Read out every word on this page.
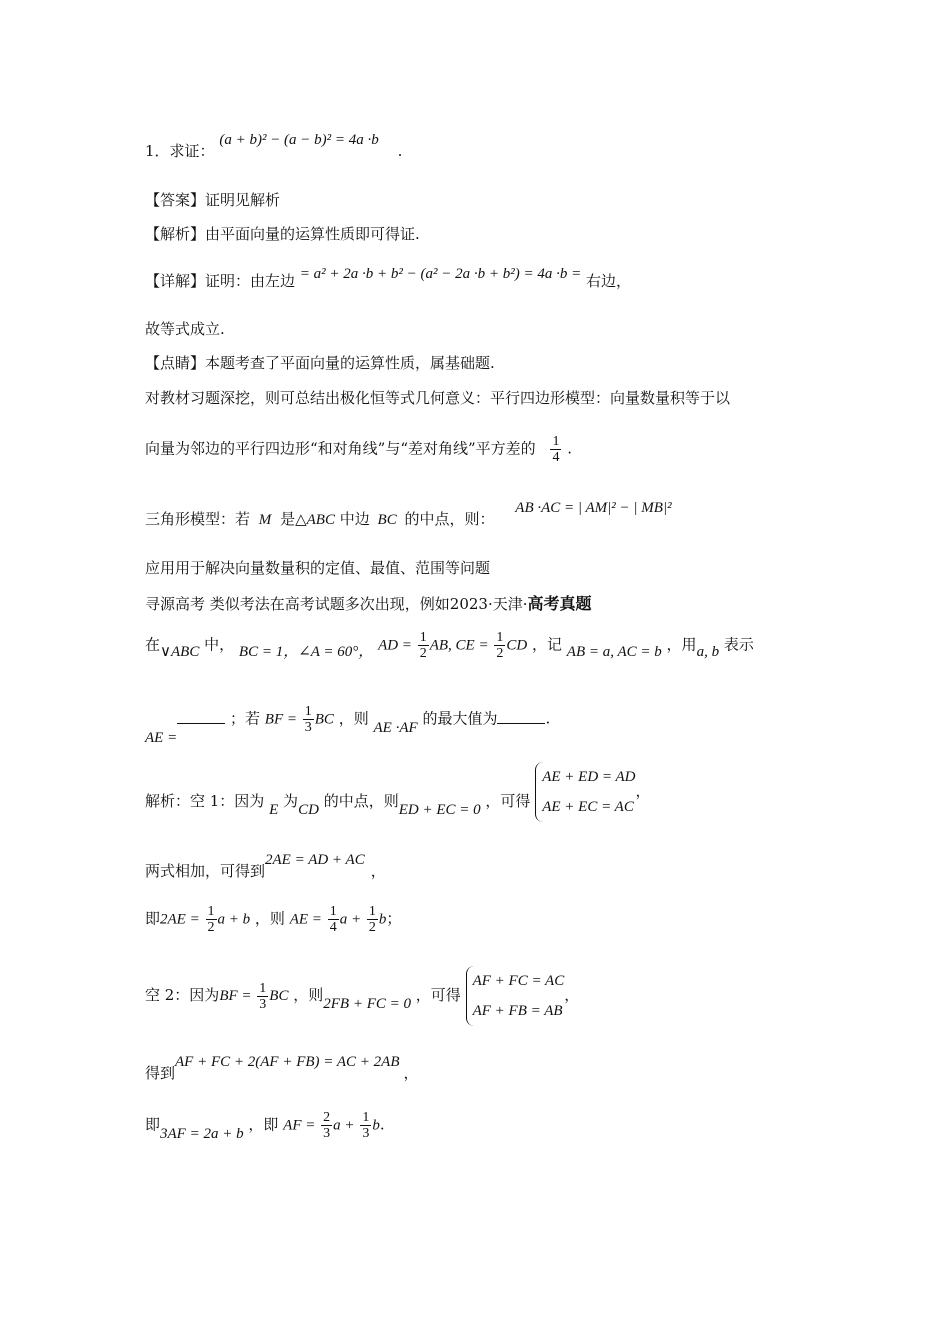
1．求证： (a + b)² − (a − b)² = 4a ·b .
【答案】证明见解析
【解析】由平面向量的运算性质即可得证.
【详解】证明：由左边 = a² + 2a ·b + b² − (a² − 2a ·b + b²) = 4a ·b = 右边，
故等式成立.
【点睛】本题考查了平面向量的运算性质，属基础题.
对教材习题深挖，则可总结出极化恒等式几何意义：平行四边形模型：向量数量积等于以
向量为邻边的平行四边形“和对角线”与“差对角线”平方差的 $\frac{1}{4}$ .
三角形模型：若 M 是△ABC 中边 BC 的中点，则： AB ·AC = | AM|² − | MB|²
应用用于解决向量数量积的定值、最值、范围等问题
寻源高考 类似考法在高考试题多次出现，例如2023·天津·高考真题
在∨ABC 中， BC = 1，∠A = 60°， AD = $\frac{1}{2}$ AB, CE = $\frac{1}{2}$ CD ，记 AB = a, AC = b ，用a, b 表示
AE = ；若 BF = $\frac{1}{3}$ BC ，则 AE ·AF 的最大值为	.
解析：空 1：因为 E 为CD 的中点，则ED + EC = 0 ，可得
AE + ED = AD
AE + EC = AC
，
两式相加，可得到2AE = AD + AC，
即$2AE = \frac{1}{2}$ a + b ，则 AE = $\frac{1}{4}$ $a + \frac{1}{2}$ b；
空 2：因为BF = $\frac{1}{3}$ BC ，则2FB + FC = 0 ，可得
AF + FC = AC
AF + FB = AB
，
得到AF + FC + 2(AF + FB) = AC + 2AB，
即3AF = 2a + b ，即 AF = $\frac{2}{3}$ $a + \frac{1}{3} b$.
